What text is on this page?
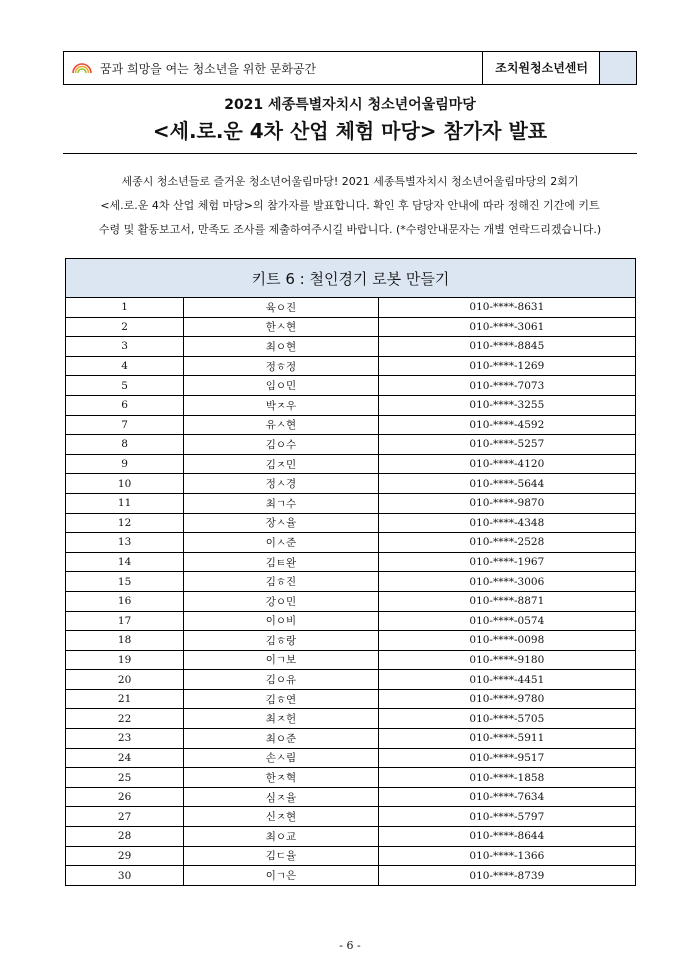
꿈과 희망을 여는 청소년을 위한 문화공간	조치원청소년센터
2021 세종특별자치시 청소년어울림마당
<세.로.운 4차 산업 체험 마당> 참가자 발표
세종시 청소년들로 즐거운 청소년어울림마당! 2021 세종특별자치시 청소년어울림마당의 2회기
<세.로.운 4차 산업 체험 마당>의 참가자를 발표합니다. 확인 후 담당자 안내에 따라 정해진 기간에 키트
수령 및 활동보고서, 만족도 조사를 제출하여주시길 바랍니다. (*수령안내문자는 개별 연락드리겠습니다.)
키트 6 : 철인경기 로봇 만들기		
1	육ㅇ진	010-****-8631
2	한ㅅ현	010-****-3061
3	최ㅇ현	010-****-8845
4	정ㅎ정	010-****-1269
5	임ㅇ민	010-****-7073
6	박ㅈ우	010-****-3255
7	유ㅅ현	010-****-4592
8	김ㅇ수	010-****-5257
9	김ㅈ민	010-****-4120
10	정ㅅ경	010-****-5644
11	최ㄱ수	010-****-9870
12	장ㅅ율	010-****-4348
13	이ㅅ준	010-****-2528
14	김ㅌ완	010-****-1967
15	김ㅎ진	010-****-3006
16	강ㅇ민	010-****-8871
17	이ㅇ비	010-****-0574
18	김ㅎ랑	010-****-0098
19	이ㄱ보	010-****-9180
20	김ㅇ유	010-****-4451
21	김ㅎ연	010-****-9780
22	최ㅈ헌	010-****-5705
23	최ㅇ준	010-****-5911
24	손ㅅ림	010-****-9517
25	한ㅈ혁	010-****-1858
26	심ㅈ율	010-****-7634
27	신ㅈ현	010-****-5797
28	최ㅇ교	010-****-8644
29	김ㄷ율	010-****-1366
30	이ㄱ은	010-****-8739
- 6 -
